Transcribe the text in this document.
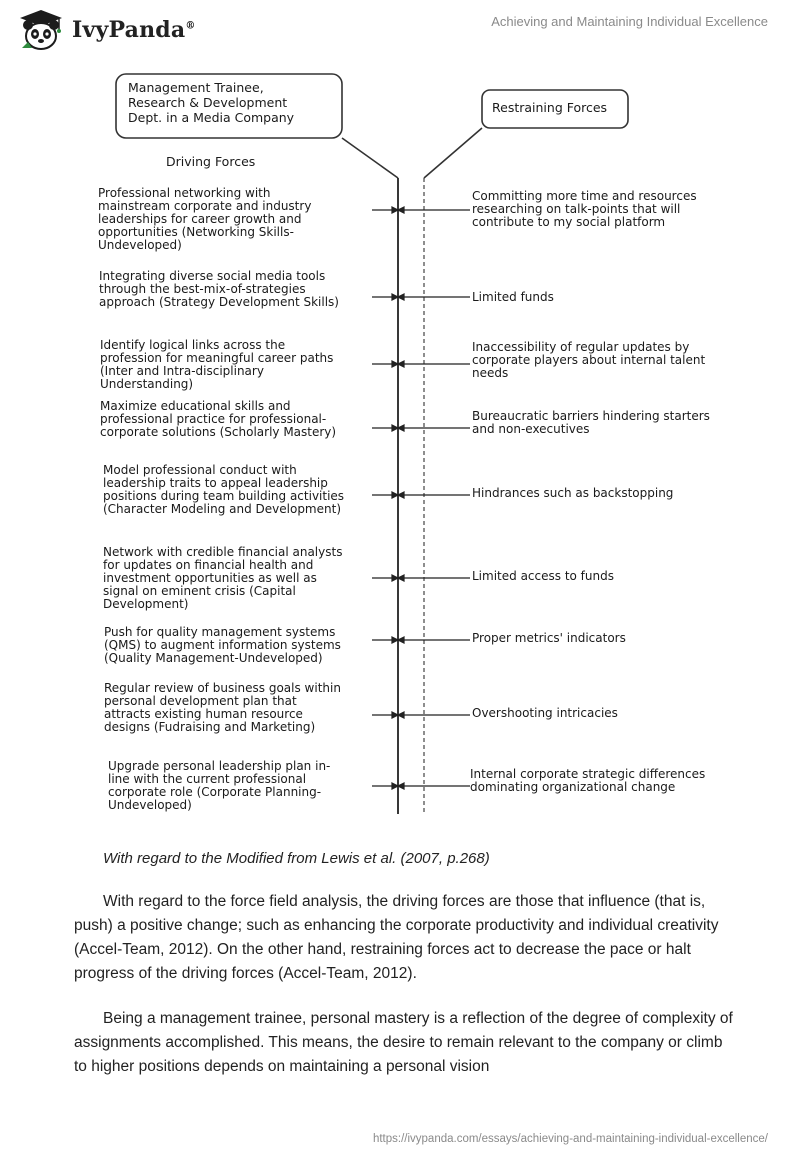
IvyPanda®	Achieving and Maintaining Individual Excellence
Management Trainee,
Research & Development
Dept. in a Media Company
Restraining Forces
Driving Forces
Professional networking with
mainstream corporate and industry
leaderships for career growth and
opportunities (Networking Skills-
Undeveloped)
Integrating diverse social media tools
through the best-mix-of-strategies
approach (Strategy Development Skills)
Identify logical links across the
profession for meaningful career paths
(Inter and Intra-disciplinary
Understanding)
Maximize educational skills and
professional practice for professional-
corporate solutions (Scholarly Mastery)
Model professional conduct with
leadership traits to appeal leadership
positions during team building activities
(Character Modeling and Development)
Network with credible financial analysts
for updates on financial health and
investment opportunities as well as
signal on eminent crisis (Capital
Development)
Push for quality management systems
(QMS) to augment information systems
(Quality Management-Undeveloped)
Regular review of business goals within
personal development plan that
attracts existing human resource
designs (Fudraising and Marketing)
Upgrade personal leadership plan in-
line with the current professional
corporate role (Corporate Planning-
Undeveloped)
Committing more time and resources
researching on talk-points that will
contribute to my social platform
Limited funds
Inaccessibility of regular updates by
corporate players about internal talent
needs
Bureaucratic barriers hindering starters
and non-executives
Hindrances such as backstopping
Limited access to funds
Proper metrics' indicators
Overshooting intricacies
Internal corporate strategic differences
dominating organizational change
With regard to the Modified from Lewis et al. (2007, p.268)
With regard to the force field analysis, the driving forces are those that influence (that is, push) a positive change; such as enhancing the corporate productivity and individual creativity (Accel-Team, 2012). On the other hand, restraining forces act to decrease the pace or halt progress of the driving forces (Accel-Team, 2012).
Being a management trainee, personal mastery is a reflection of the degree of complexity of assignments accomplished. This means, the desire to remain relevant to the company or climb to higher positions depends on maintaining a personal vision
https://ivypanda.com/essays/achieving-and-maintaining-individual-excellence/
